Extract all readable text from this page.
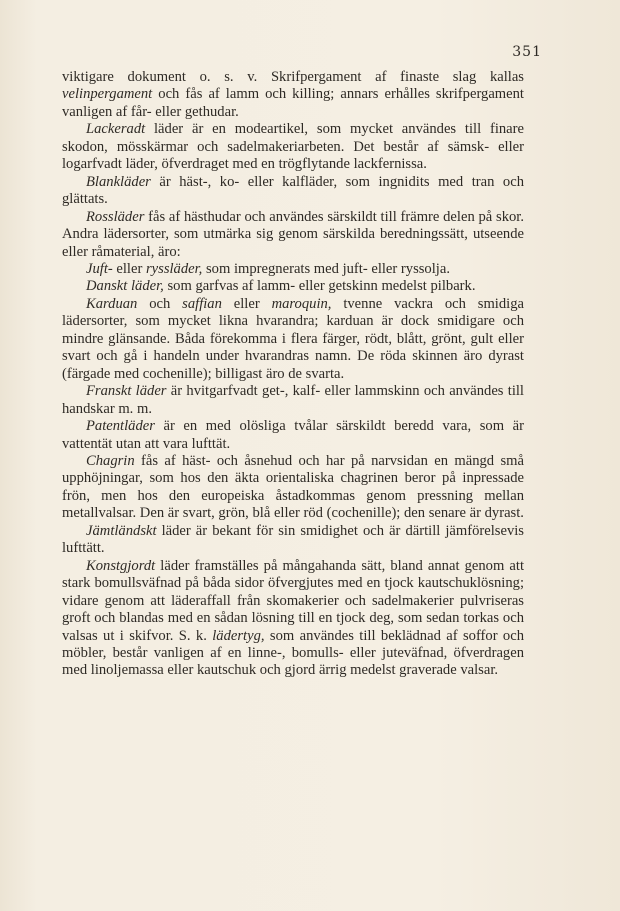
351

viktigare dokument o. s. v. Skrifpergament af finaste slag kallas velinpergament och fås af lamm och killing; annars erhålles skrifpergament vanligen af får- eller gethudar.

Lackeradt läder är en modeartikel, som mycket användes till finare skodon, mösskärmar och sadelmakeriarbeten. Det består af sämsk- eller logarfvadt läder, öfverdraget med en trögflytande lackfernissa.

Blankläder är häst-, ko- eller kalfläder, som ingnidits med tran och glättats.

Rossläder fås af hästhudar och användes särskildt till främre delen på skor. Andra lädersorter, som utmärka sig genom särskilda beredningssätt, utseende eller råmaterial, äro:

Juft- eller ryssläder, som impregnerats med juft- eller ryssolja.

Danskt läder, som garfvas af lamm- eller getskinn medelst pilbark.

Karduan och saffian eller maroquin, tvenne vackra och smidiga lädersorter, som mycket likna hvarandra; karduan är dock smidigare och mindre glänsande. Båda förekomma i flera färger, rödt, blått, grönt, gult eller svart och gå i handeln under hvarandras namn. De röda skinnen äro dyrast (färgade med cochenille); billigast äro de svarta.

Franskt läder är hvitgarfvadt get-, kalf- eller lammskinn och användes till handskar m. m.

Patentläder är en med olösliga tvålar särskildt beredd vara, som är vattentät utan att vara lufttät.

Chagrin fås af häst- och åsnehud och har på narvsidan en mängd små upphöjningar, som hos den äkta orientaliska chagrinen beror på inpressade frön, men hos den europeiska åstadkommas genom pressning mellan metallvalsar. Den är svart, grön, blå eller röd (cochenille); den senare är dyrast.

Jämtländskt läder är bekant för sin smidighet och är därtill jämförelsevis lufttätt.

Konstgjordt läder framställes på mångahanda sätt, bland annat genom att stark bomullsväfnad på båda sidor öfvergjutes med en tjock kautschuklösning; vidare genom att läderaffall från skomakerier och sadelmakerier pulvriseras groft och blandas med en sådan lösning till en tjock deg, som sedan torkas och valsas ut i skifvor. S. k. lädertyg, som användes till beklädnad af soffor och möbler, består vanligen af en linne-, bomulls- eller juteväfnad, öfverdragen med linoljemassa eller kautschuk och gjord ärrig medelst graverade valsar.
